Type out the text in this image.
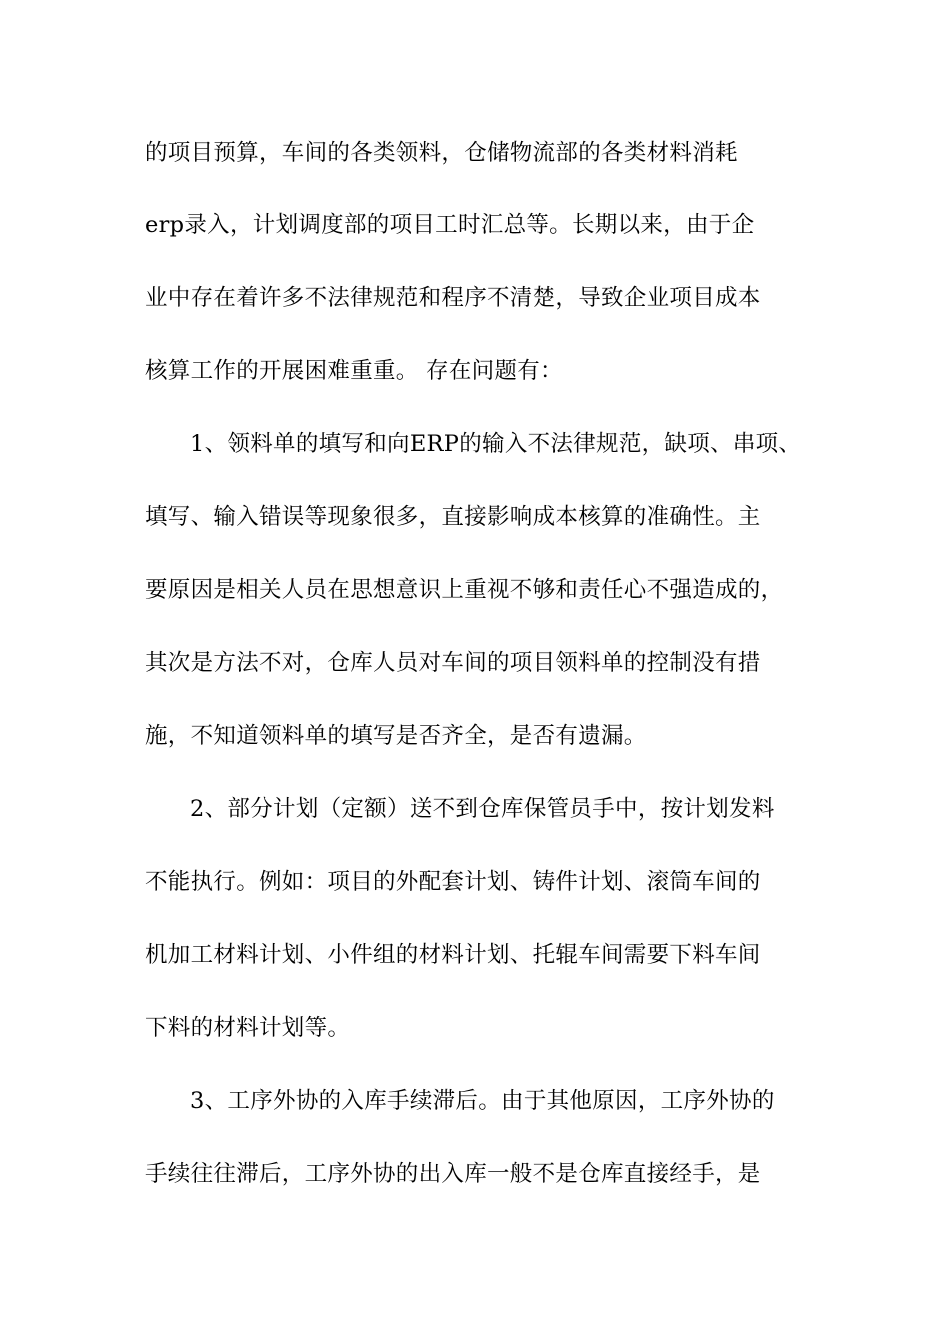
的项目预算，车间的各类领料，仓储物流部的各类材料消耗
erp录入，计划调度部的项目工时汇总等。长期以来，由于企
业中存在着许多不法律规范和程序不清楚，导致企业项目成本
核算工作的开展困难重重。 存在问题有：
1、领料单的填写和向ERP的输入不法律规范，缺项、串项、
填写、输入错误等现象很多，直接影响成本核算的准确性。主
要原因是相关人员在思想意识上重视不够和责任心不强造成的，
其次是方法不对，仓库人员对车间的项目领料单的控制没有措
施，不知道领料单的填写是否齐全，是否有遗漏。
2、部分计划（定额）送不到仓库保管员手中，按计划发料
不能执行。例如：项目的外配套计划、铸件计划、滚筒车间的
机加工材料计划、小件组的材料计划、托辊车间需要下料车间
下料的材料计划等。
3、工序外协的入库手续滞后。由于其他原因，工序外协的
手续往往滞后，工序外协的出入库一般不是仓库直接经手，是
